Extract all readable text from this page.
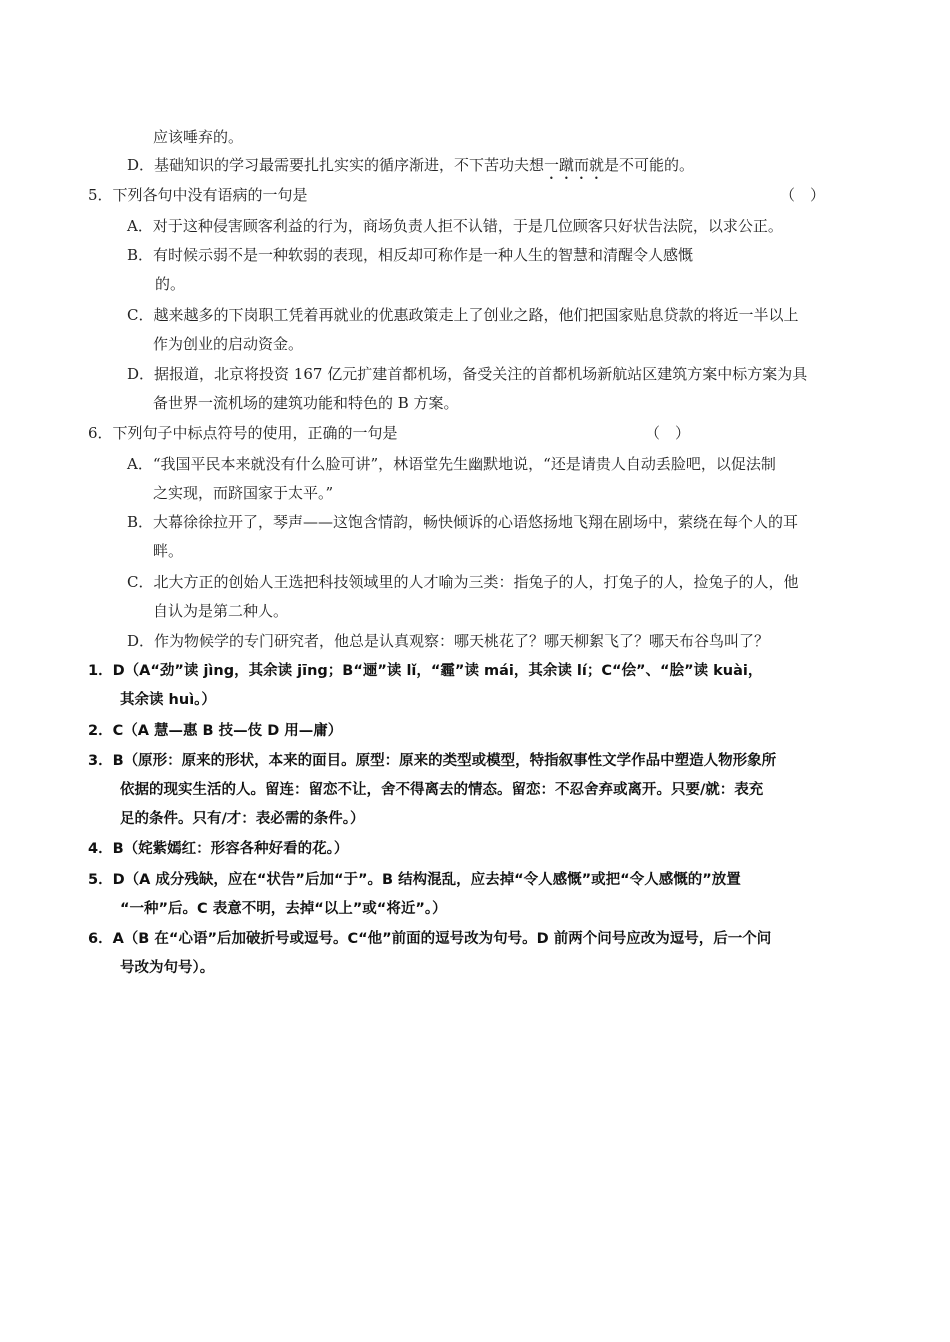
应该唾弃的。
D．基础知识的学习最需要扎扎实实的循序渐进，不下苦功夫想一蹴而就是不可能的。
5．下列各句中没有语病的一句是	（　）
A．对于这种侵害顾客利益的行为，商场负责人拒不认错，于是几位顾客只好状告法院，以求公正。
B．有时候示弱不是一种软弱的表现，相反却可称作是一种人生的智慧和清醒令人感慨
的。
C．越来越多的下岗职工凭着再就业的优惠政策走上了创业之路，他们把国家贴息贷款的将近一半以上
作为创业的启动资金。
D．据报道，北京将投资 167 亿元扩建首都机场，备受关注的首都机场新航站区建筑方案中标方案为具
备世界一流机场的建筑功能和特色的 B 方案。
6．下列句子中标点符号的使用，正确的一句是	（　）
A．“我国平民本来就没有什么脸可讲”，林语堂先生幽默地说，“还是请贵人自动丢脸吧，以促法制
之实现，而跻国家于太平。”
B．大幕徐徐拉开了，琴声——这饱含情韵，畅快倾诉的心语悠扬地飞翔在剧场中，萦绕在每个人的耳
畔。
C．北大方正的创始人王选把科技领域里的人才喻为三类：指兔子的人，打兔子的人，捡兔子的人，他
自认为是第二种人。
D．作为物候学的专门研究者，他总是认真观察：哪天桃花了？哪天柳絮飞了？哪天布谷鸟叫了？
1．D（A“劲”读 jìng，其余读 jīng；B“逦”读 lǐ，“霾”读 mái，其余读 lí；C“侩”、“脍”读 kuài，
其余读 huì。）
2．C（A 慧—惠 B 技—伎 D 用—庸）
3．B（原形：原来的形状，本来的面目。原型：原来的类型或模型，特指叙事性文学作品中塑造人物形象所
依据的现实生活的人。留连：留恋不让，舍不得离去的情态。留恋：不忍舍弃或离开。只要/就：表充
足的条件。只有/才：表必需的条件。）
4．B（姹紫嫣红：形容各种好看的花。）
5．D（A 成分残缺，应在“状告”后加“于”。B 结构混乱，应去掉“令人感慨”或把“令人感慨的”放置
“一种”后。C 表意不明，去掉“以上”或“将近”。）
6．A（B 在“心语”后加破折号或逗号。C“他”前面的逗号改为句号。D 前两个问号应改为逗号，后一个问
号改为句号）。
